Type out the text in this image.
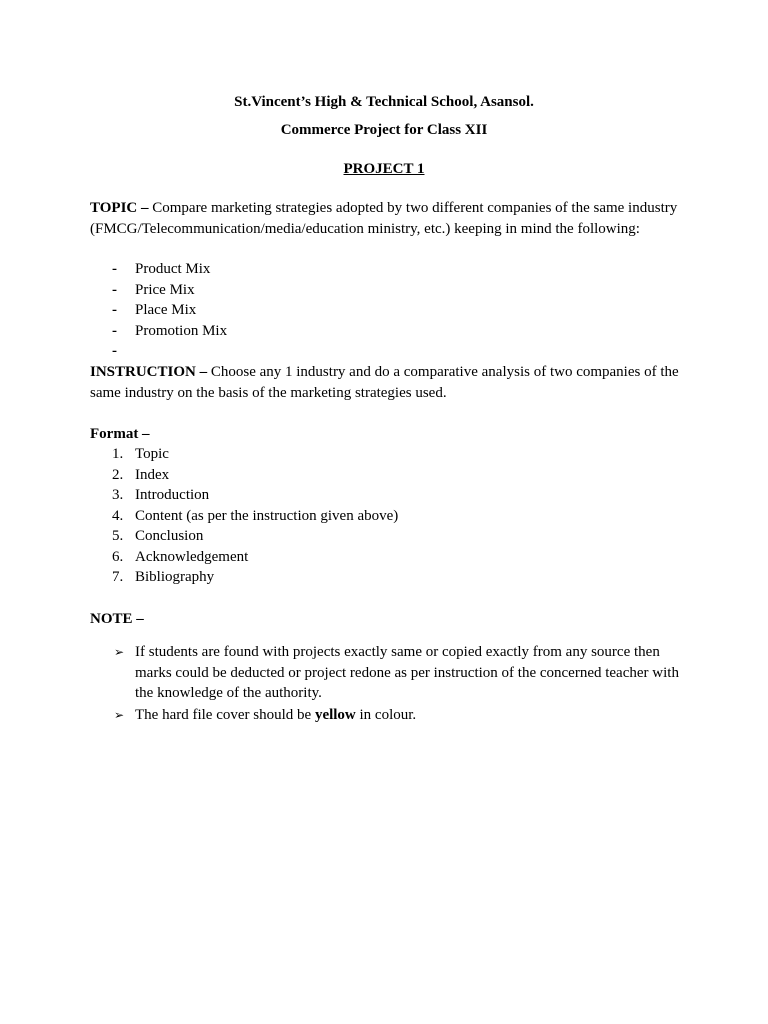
St.Vincent’s High & Technical School, Asansol.
Commerce Project for Class XII
PROJECT 1
TOPIC – Compare marketing strategies adopted by two different companies of the same industry (FMCG/Telecommunication/media/education ministry, etc.) keeping in mind the following:
- Product Mix
- Price Mix
- Place Mix
- Promotion Mix
-
INSTRUCTION – Choose any 1 industry and do a comparative analysis of two companies of the same industry on the basis of the marketing strategies used.
Format –
1. Topic
2. Index
3. Introduction
4. Content (as per the instruction given above)
5. Conclusion
6. Acknowledgement
7. Bibliography
NOTE –
➢ If students are found with projects exactly same or copied exactly from any source then marks could be deducted or project redone as per instruction of the concerned teacher with the knowledge of the authority.
➢ The hard file cover should be yellow in colour.
